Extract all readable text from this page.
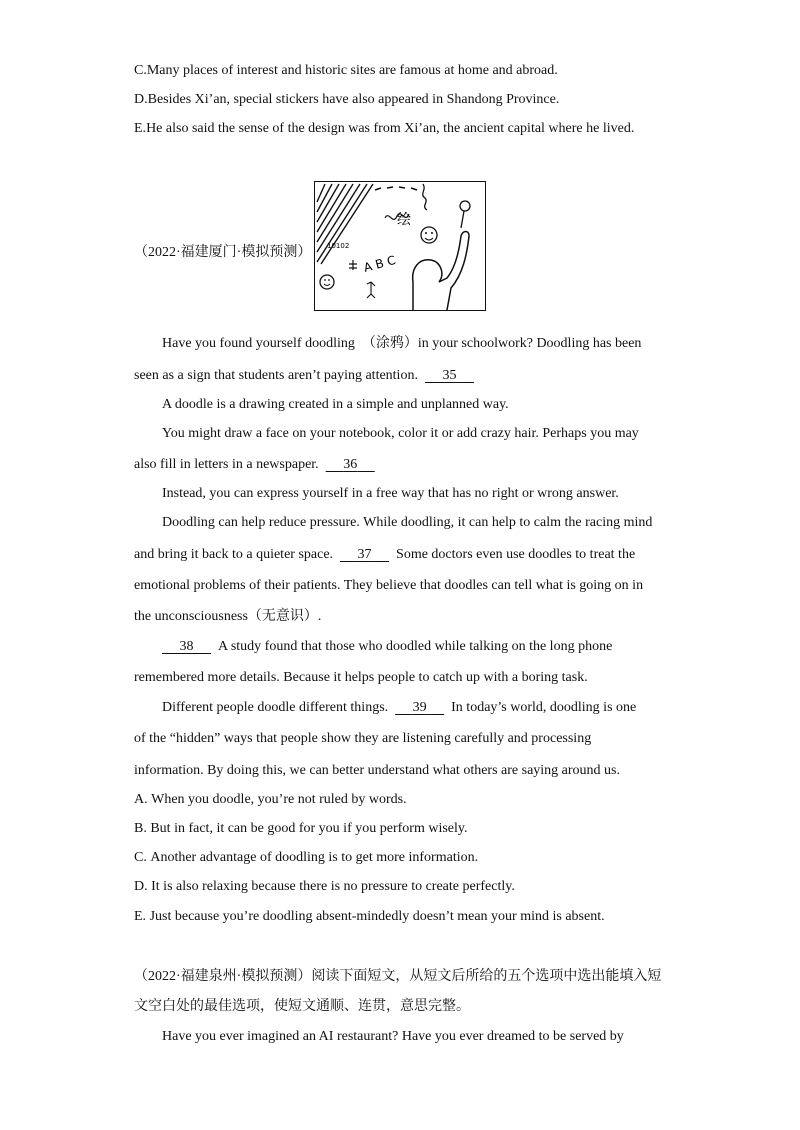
C.Many places of interest and historic sites are famous at home and abroad.
D.Besides Xi’an, special stickers have also appeared in Shandong Province.
E.He also said the sense of the design was from Xi’an, the ancient capital where he lived.
（2022·福建厦门·模拟预测）
绘
10102
A B C
Have you found yourself doodling （涂鸦）in your schoolwork? Doodling has been
seen as a sign that students aren’t paying attention. 35
A doodle is a drawing created in a simple and unplanned way.
You might draw a face on your notebook, color it or add crazy hair. Perhaps you may
also fill in letters in a newspaper. 36
Instead, you can express yourself in a free way that has no right or wrong answer.
Doodling can help reduce pressure. While doodling, it can help to calm the racing mind
and bring it back to a quieter space. 37 Some doctors even use doodles to treat the
emotional problems of their patients. They believe that doodles can tell what is going on in
the unconsciousness（无意识）.
38 A study found that those who doodled while talking on the long phone
remembered more details. Because it helps people to catch up with a boring task.
Different people doodle different things. 39 In today’s world, doodling is one
of the “hidden” ways that people show they are listening carefully and processing
information. By doing this, we can better understand what others are saying around us.
A. When you doodle, you’re not ruled by words.
B. But in fact, it can be good for you if you perform wisely.
C. Another advantage of doodling is to get more information.
D. It is also relaxing because there is no pressure to create perfectly.
E. Just because you’re doodling absent-mindedly doesn’t mean your mind is absent.
（2022·福建泉州·模拟预测）阅读下面短文，从短文后所给的五个选项中选出能填入短
文空白处的最佳选项，使短文通顺、连贯，意思完整。
Have you ever imagined an AI restaurant? Have you ever dreamed to be served by
